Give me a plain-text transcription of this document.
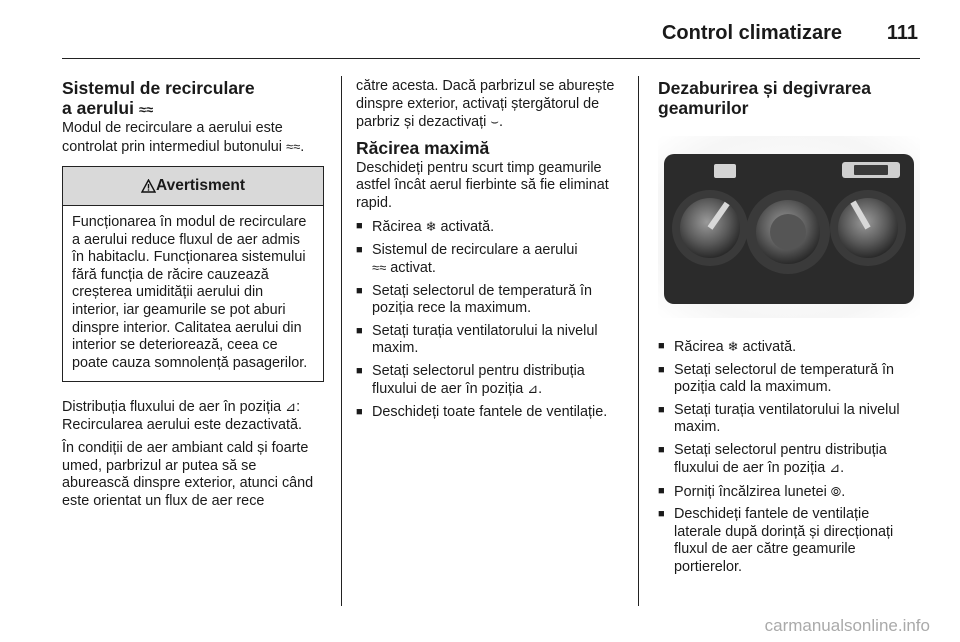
Control climatizare 111
Sistemul de recirculare
a aerului ≈≈

Modul de recirculare a aerului este controlat prin intermediul butonului ≈≈.

Avertisment
Funcționarea în modul de recirculare a aerului reduce fluxul de aer admis în habitaclu. Funcționarea sistemului fără funcția de răcire cauzează creșterea umidității aerului din interior, iar geamurile se pot aburi dinspre interior. Calitatea aerului din interior se deteriorează, ceea ce poate cauza somnolență pasagerilor.

Distribuția fluxului de aer în poziția ⊿: Recircularea aerului este dezactivată.

În condiții de aer ambiant cald și foarte umed, parbrizul ar putea să se aburească dinspre exterior, atunci când este orientat un flux de aer rece

către acesta. Dacă parbrizul se aburește dinspre exterior, activați ștergătorul de parbriz și dezactivați ⌣.

Răcirea maximă

Deschideți pentru scurt timp geamurile astfel încât aerul fierbinte să fie eliminat rapid.

■ Răcirea ❄ activată.
■ Sistemul de recirculare a aerului
≈≈ activat.
■ Setați selectorul de temperatură în poziția rece la maximum.
■ Setați turația ventilatorului la nivelul maxim.
■ Setați selectorul pentru distribuția fluxului de aer în poziția ⊿.
■ Deschideți toate fantele de ventilație.
Dezaburirea și degivrarea
geamurilor
■ Răcirea ❄ activată.
■ Setați selectorul de temperatură în poziția cald la maximum.
■ Setați turația ventilatorului la nivelul maxim.
■ Setați selectorul pentru distribuția fluxului de aer în poziția ⊿.
■ Porniți încălzirea lunetei ⦾.
■ Deschideți fantele de ventilație laterale după dorință și direcționați fluxul de aer către geamurile portierelor.
carmanualsonline.info
